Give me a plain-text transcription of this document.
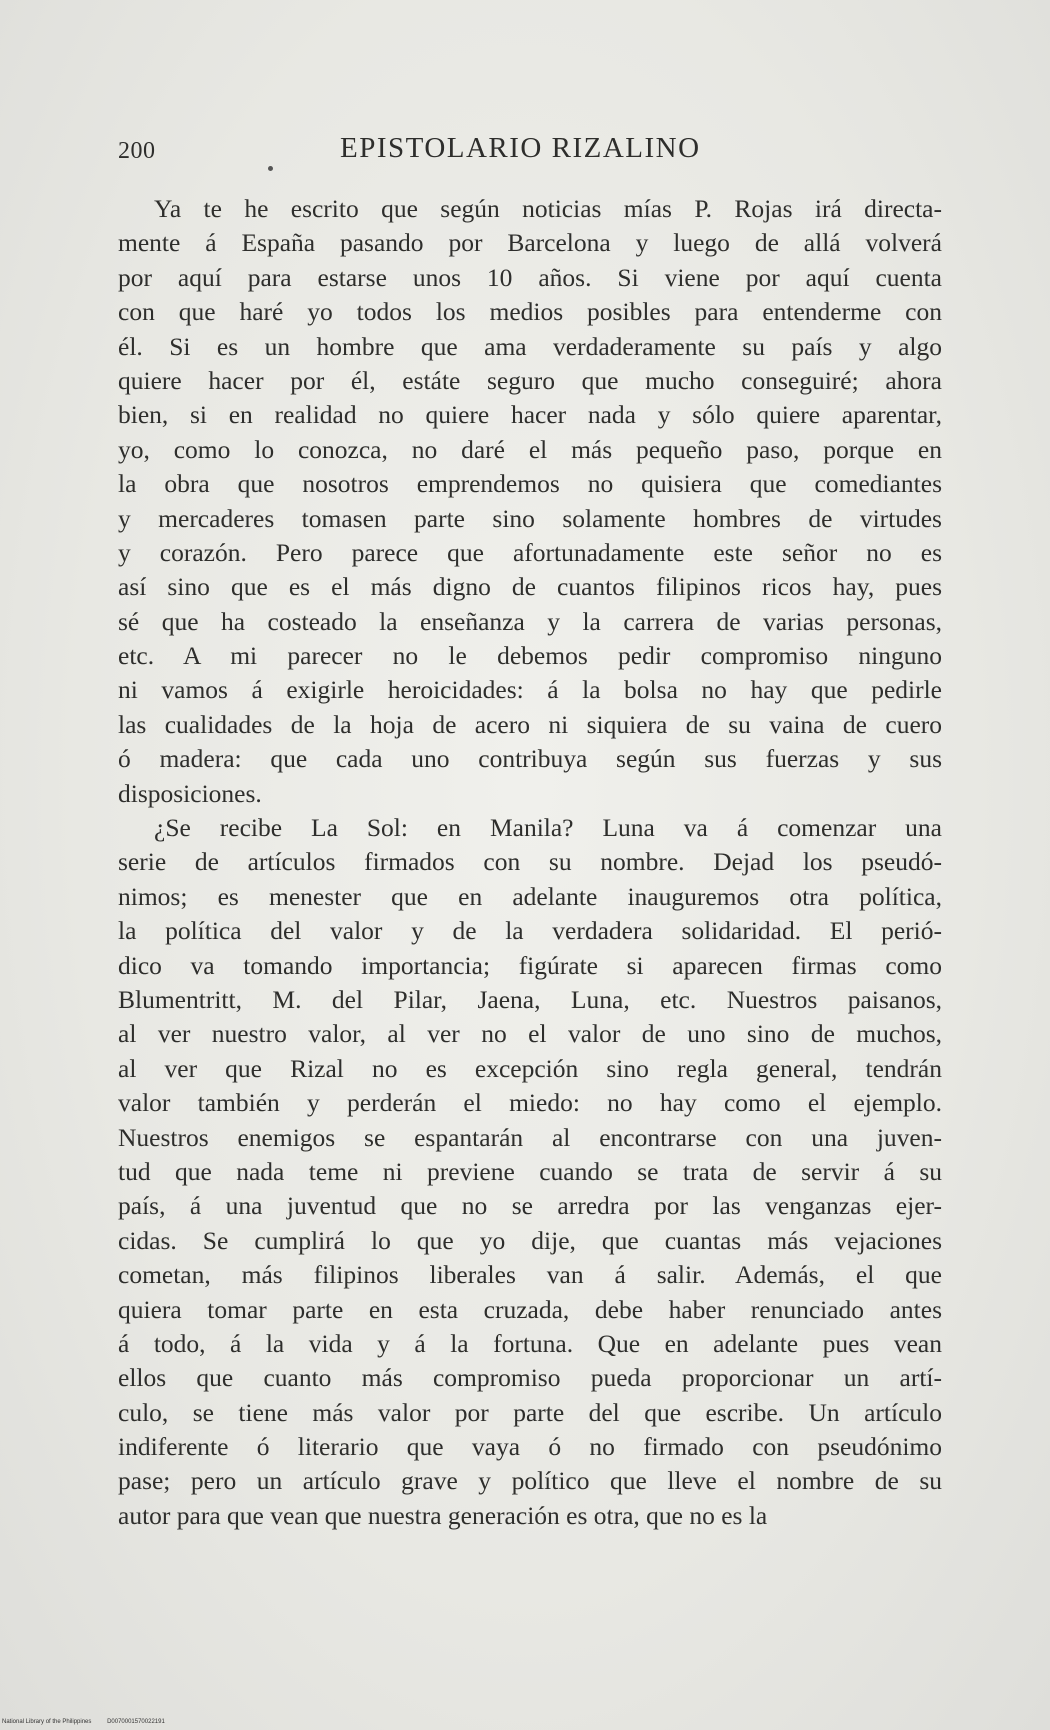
200	EPISTOLARIO RIZALINO
Ya te he escrito que según noticias mías P. Rojas irá directa-
mente á España pasando por Barcelona y luego de allá volverá
por aquí para estarse unos 10 años. Si viene por aquí cuenta
con que haré yo todos los medios posibles para entenderme con
él. Si es un hombre que ama verdaderamente su país y algo
quiere hacer por él, estáte seguro que mucho conseguiré; ahora
bien, si en realidad no quiere hacer nada y sólo quiere aparentar,
yo, como lo conozca, no daré el más pequeño paso, porque en
la obra que nosotros emprendemos no quisiera que comediantes
y mercaderes tomasen parte sino solamente hombres de virtudes
y corazón. Pero parece que afortunadamente este señor no es
así sino que es el más digno de cuantos filipinos ricos hay, pues
sé que ha costeado la enseñanza y la carrera de varias personas,
etc. A mi parecer no le debemos pedir compromiso ninguno
ni vamos á exigirle heroicidades: á la bolsa no hay que pedirle
las cualidades de la hoja de acero ni siquiera de su vaina de cuero
ó madera: que cada uno contribuya según sus fuerzas y sus
disposiciones.
¿Se recibe La Sol: en Manila? Luna va á comenzar una
serie de artículos firmados con su nombre. Dejad los pseudó-
nimos; es menester que en adelante inauguremos otra política,
la política del valor y de la verdadera solidaridad. El perió-
dico va tomando importancia; figúrate si aparecen firmas como
Blumentritt, M. del Pilar, Jaena, Luna, etc. Nuestros paisanos,
al ver nuestro valor, al ver no el valor de uno sino de muchos,
al ver que Rizal no es excepción sino regla general, tendrán
valor también y perderán el miedo: no hay como el ejemplo.
Nuestros enemigos se espantarán al encontrarse con una juven-
tud que nada teme ni previene cuando se trata de servir á su
país, á una juventud que no se arredra por las venganzas ejer-
cidas. Se cumplirá lo que yo dije, que cuantas más vejaciones
cometan, más filipinos liberales van á salir. Además, el que
quiera tomar parte en esta cruzada, debe haber renunciado antes
á todo, á la vida y á la fortuna. Que en adelante pues vean
ellos que cuanto más compromiso pueda proporcionar un artí-
culo, se tiene más valor por parte del que escribe. Un artículo
indiferente ó literario que vaya ó no firmado con pseudónimo
pase; pero un artículo grave y político que lleve el nombre de su
autor para que vean que nuestra generación es otra, que no es la
National Library of the Philippines	D0070001570022191
